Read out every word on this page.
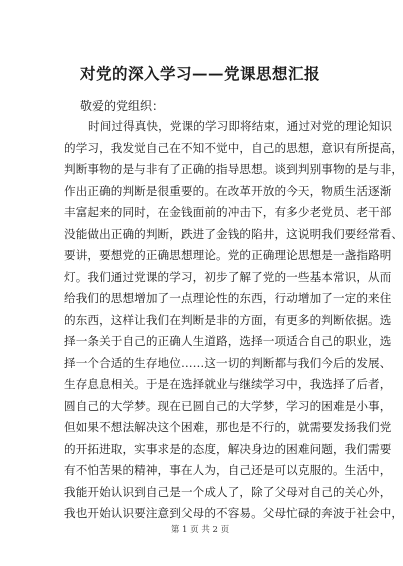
对党的深入学习——党课思想汇报

敬爱的党组织：

时间过得真快，党课的学习即将结束，通过对党的理论知识
的学习，我发觉自己在不知不觉中，自己的思想，意识有所提高，
判断事物的是与非有了正确的指导思想。谈到判别事物的是与非，
作出正确的判断是很重要的。在改革开放的今天，物质生活逐渐
丰富起来的同时，在金钱面前的冲击下，有多少老党员、老干部
没能做出正确的判断，跌进了金钱的陷井，这说明我们要经常看、
要讲，要想党的正确思想理论。党的正确理论思想是一盏指路明
灯。我们通过党课的学习，初步了解了党的一些基本常识，从而
给我们的思想增加了一点理论性的东西，行动增加了一定的来住
的东西，这样让我们在判断是非的方面，有更多的判断依据。选
择一条关于自己的正确人生道路，选择一项适合自己的职业，选
择一个合适的生存地位……这一切的判断都与我们今后的发展、
生存息息相关。于是在选择就业与继续学习中，我选择了后者，
圆自己的大学梦。现在已圆自己的大学梦，学习的困难是小事，
但如果不想法解决这个困难，那也是不行的，就需要发扬我们党
的开拓进取，实事求是的态度，解决身边的困难问题，我们需要
有不怕苦果的精神，事在人为，自己还是可以克服的。生活中，
我能开始认识到自己是一个成人了，除了父母对自己的关心外，
我也开始认识要注意到父母的不容易。父母忙碌的奔波于社会中，
第 1 页 共 2 页
